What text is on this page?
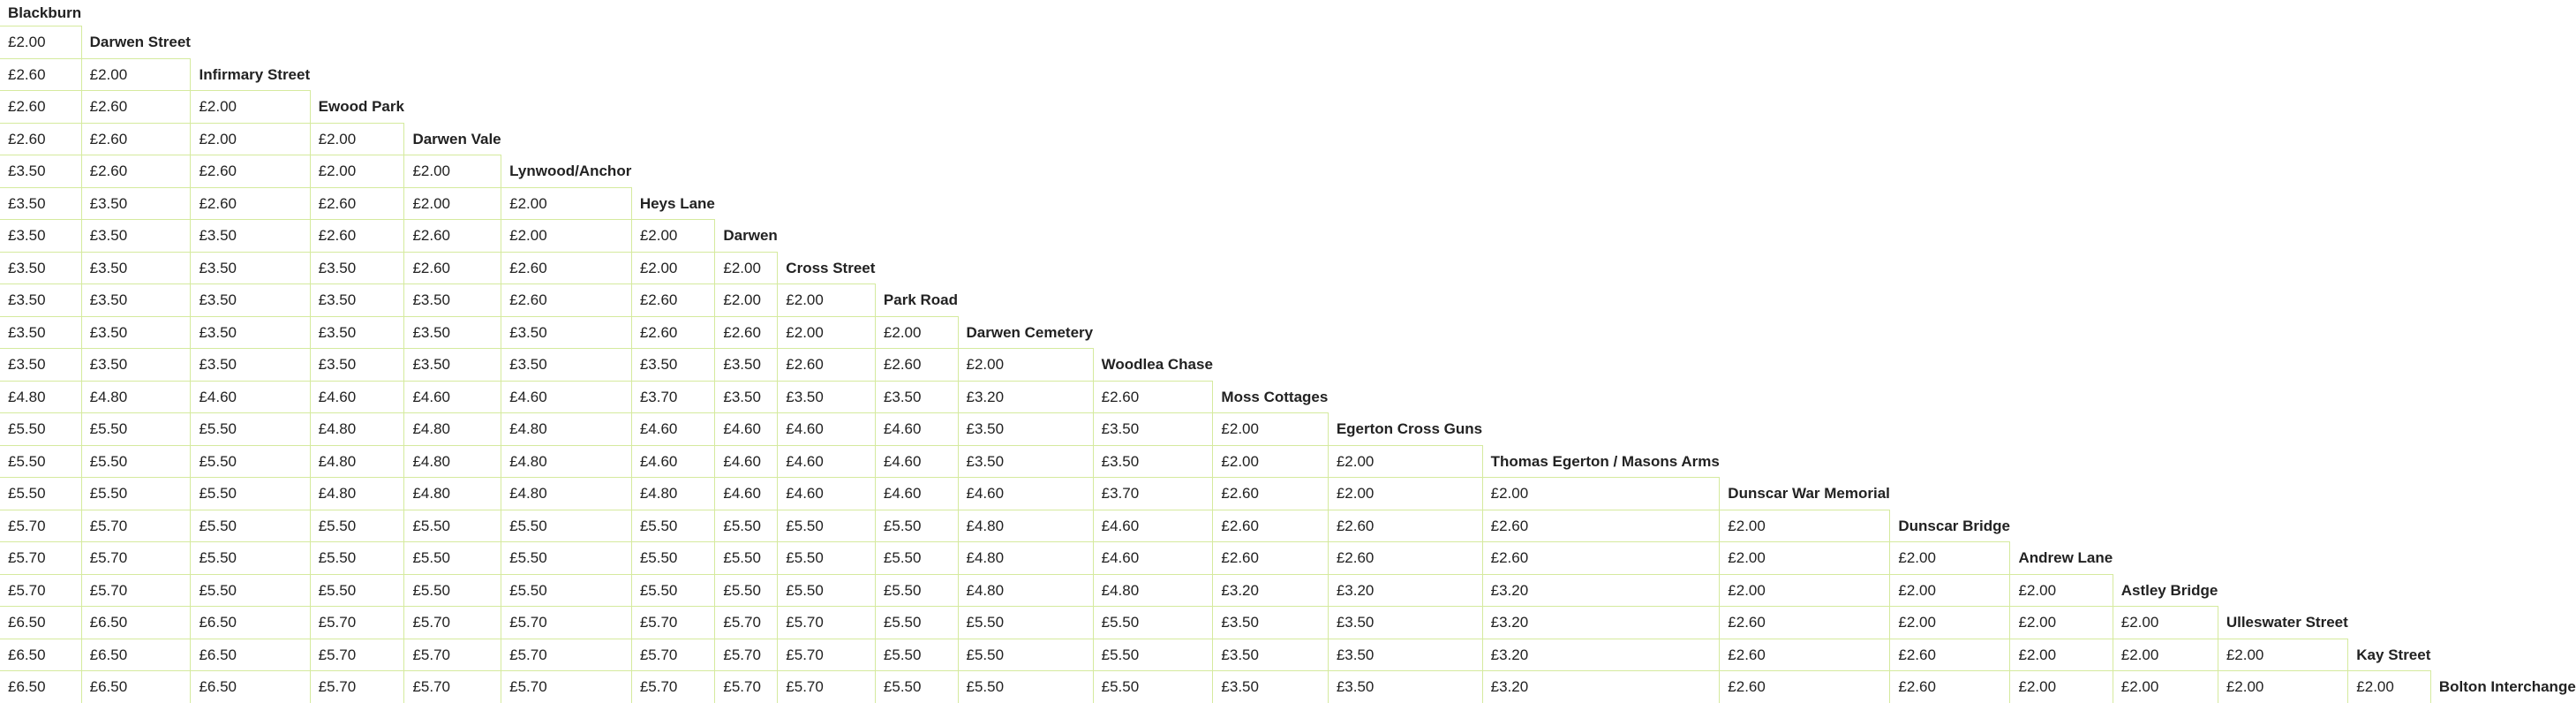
Blackburn																					
£2.00	Darwen Street																				
£2.60	£2.00	Infirmary Street																			
£2.60	£2.60	£2.00	Ewood Park																		
£2.60	£2.60	£2.00	£2.00	Darwen Vale																	
£3.50	£2.60	£2.60	£2.00	£2.00	Lynwood/Anchor																
£3.50	£3.50	£2.60	£2.60	£2.00	£2.00	Heys Lane															
£3.50	£3.50	£3.50	£2.60	£2.60	£2.00	£2.00	Darwen														
£3.50	£3.50	£3.50	£3.50	£2.60	£2.60	£2.00	£2.00	Cross Street													
£3.50	£3.50	£3.50	£3.50	£3.50	£2.60	£2.60	£2.00	£2.00	Park Road												
£3.50	£3.50	£3.50	£3.50	£3.50	£3.50	£2.60	£2.60	£2.00	£2.00	Darwen Cemetery											
£3.50	£3.50	£3.50	£3.50	£3.50	£3.50	£3.50	£3.50	£2.60	£2.60	£2.00	Woodlea Chase										
£4.80	£4.80	£4.60	£4.60	£4.60	£4.60	£3.70	£3.50	£3.50	£3.50	£3.20	£2.60	Moss Cottages									
£5.50	£5.50	£5.50	£4.80	£4.80	£4.80	£4.60	£4.60	£4.60	£4.60	£3.50	£3.50	£2.00	Egerton Cross Guns								
£5.50	£5.50	£5.50	£4.80	£4.80	£4.80	£4.60	£4.60	£4.60	£4.60	£3.50	£3.50	£2.00	£2.00	Thomas Egerton / Masons Arms							
£5.50	£5.50	£5.50	£4.80	£4.80	£4.80	£4.80	£4.60	£4.60	£4.60	£4.60	£3.70	£2.60	£2.00	£2.00	Dunscar War Memorial						
£5.70	£5.70	£5.50	£5.50	£5.50	£5.50	£5.50	£5.50	£5.50	£5.50	£4.80	£4.60	£2.60	£2.60	£2.60	£2.00	Dunscar Bridge					
£5.70	£5.70	£5.50	£5.50	£5.50	£5.50	£5.50	£5.50	£5.50	£5.50	£4.80	£4.60	£2.60	£2.60	£2.60	£2.00	£2.00	Andrew Lane				
£5.70	£5.70	£5.50	£5.50	£5.50	£5.50	£5.50	£5.50	£5.50	£5.50	£4.80	£4.80	£3.20	£3.20	£3.20	£2.00	£2.00	£2.00	Astley Bridge			
£6.50	£6.50	£6.50	£5.70	£5.70	£5.70	£5.70	£5.70	£5.70	£5.50	£5.50	£5.50	£3.50	£3.50	£3.20	£2.60	£2.00	£2.00	£2.00	Ulleswater Street		
£6.50	£6.50	£6.50	£5.70	£5.70	£5.70	£5.70	£5.70	£5.70	£5.50	£5.50	£5.50	£3.50	£3.50	£3.20	£2.60	£2.60	£2.00	£2.00	£2.00	Kay Street	
£6.50	£6.50	£6.50	£5.70	£5.70	£5.70	£5.70	£5.70	£5.70	£5.50	£5.50	£5.50	£3.50	£3.50	£3.20	£2.60	£2.60	£2.00	£2.00	£2.00	£2.00	Bolton Interchange
